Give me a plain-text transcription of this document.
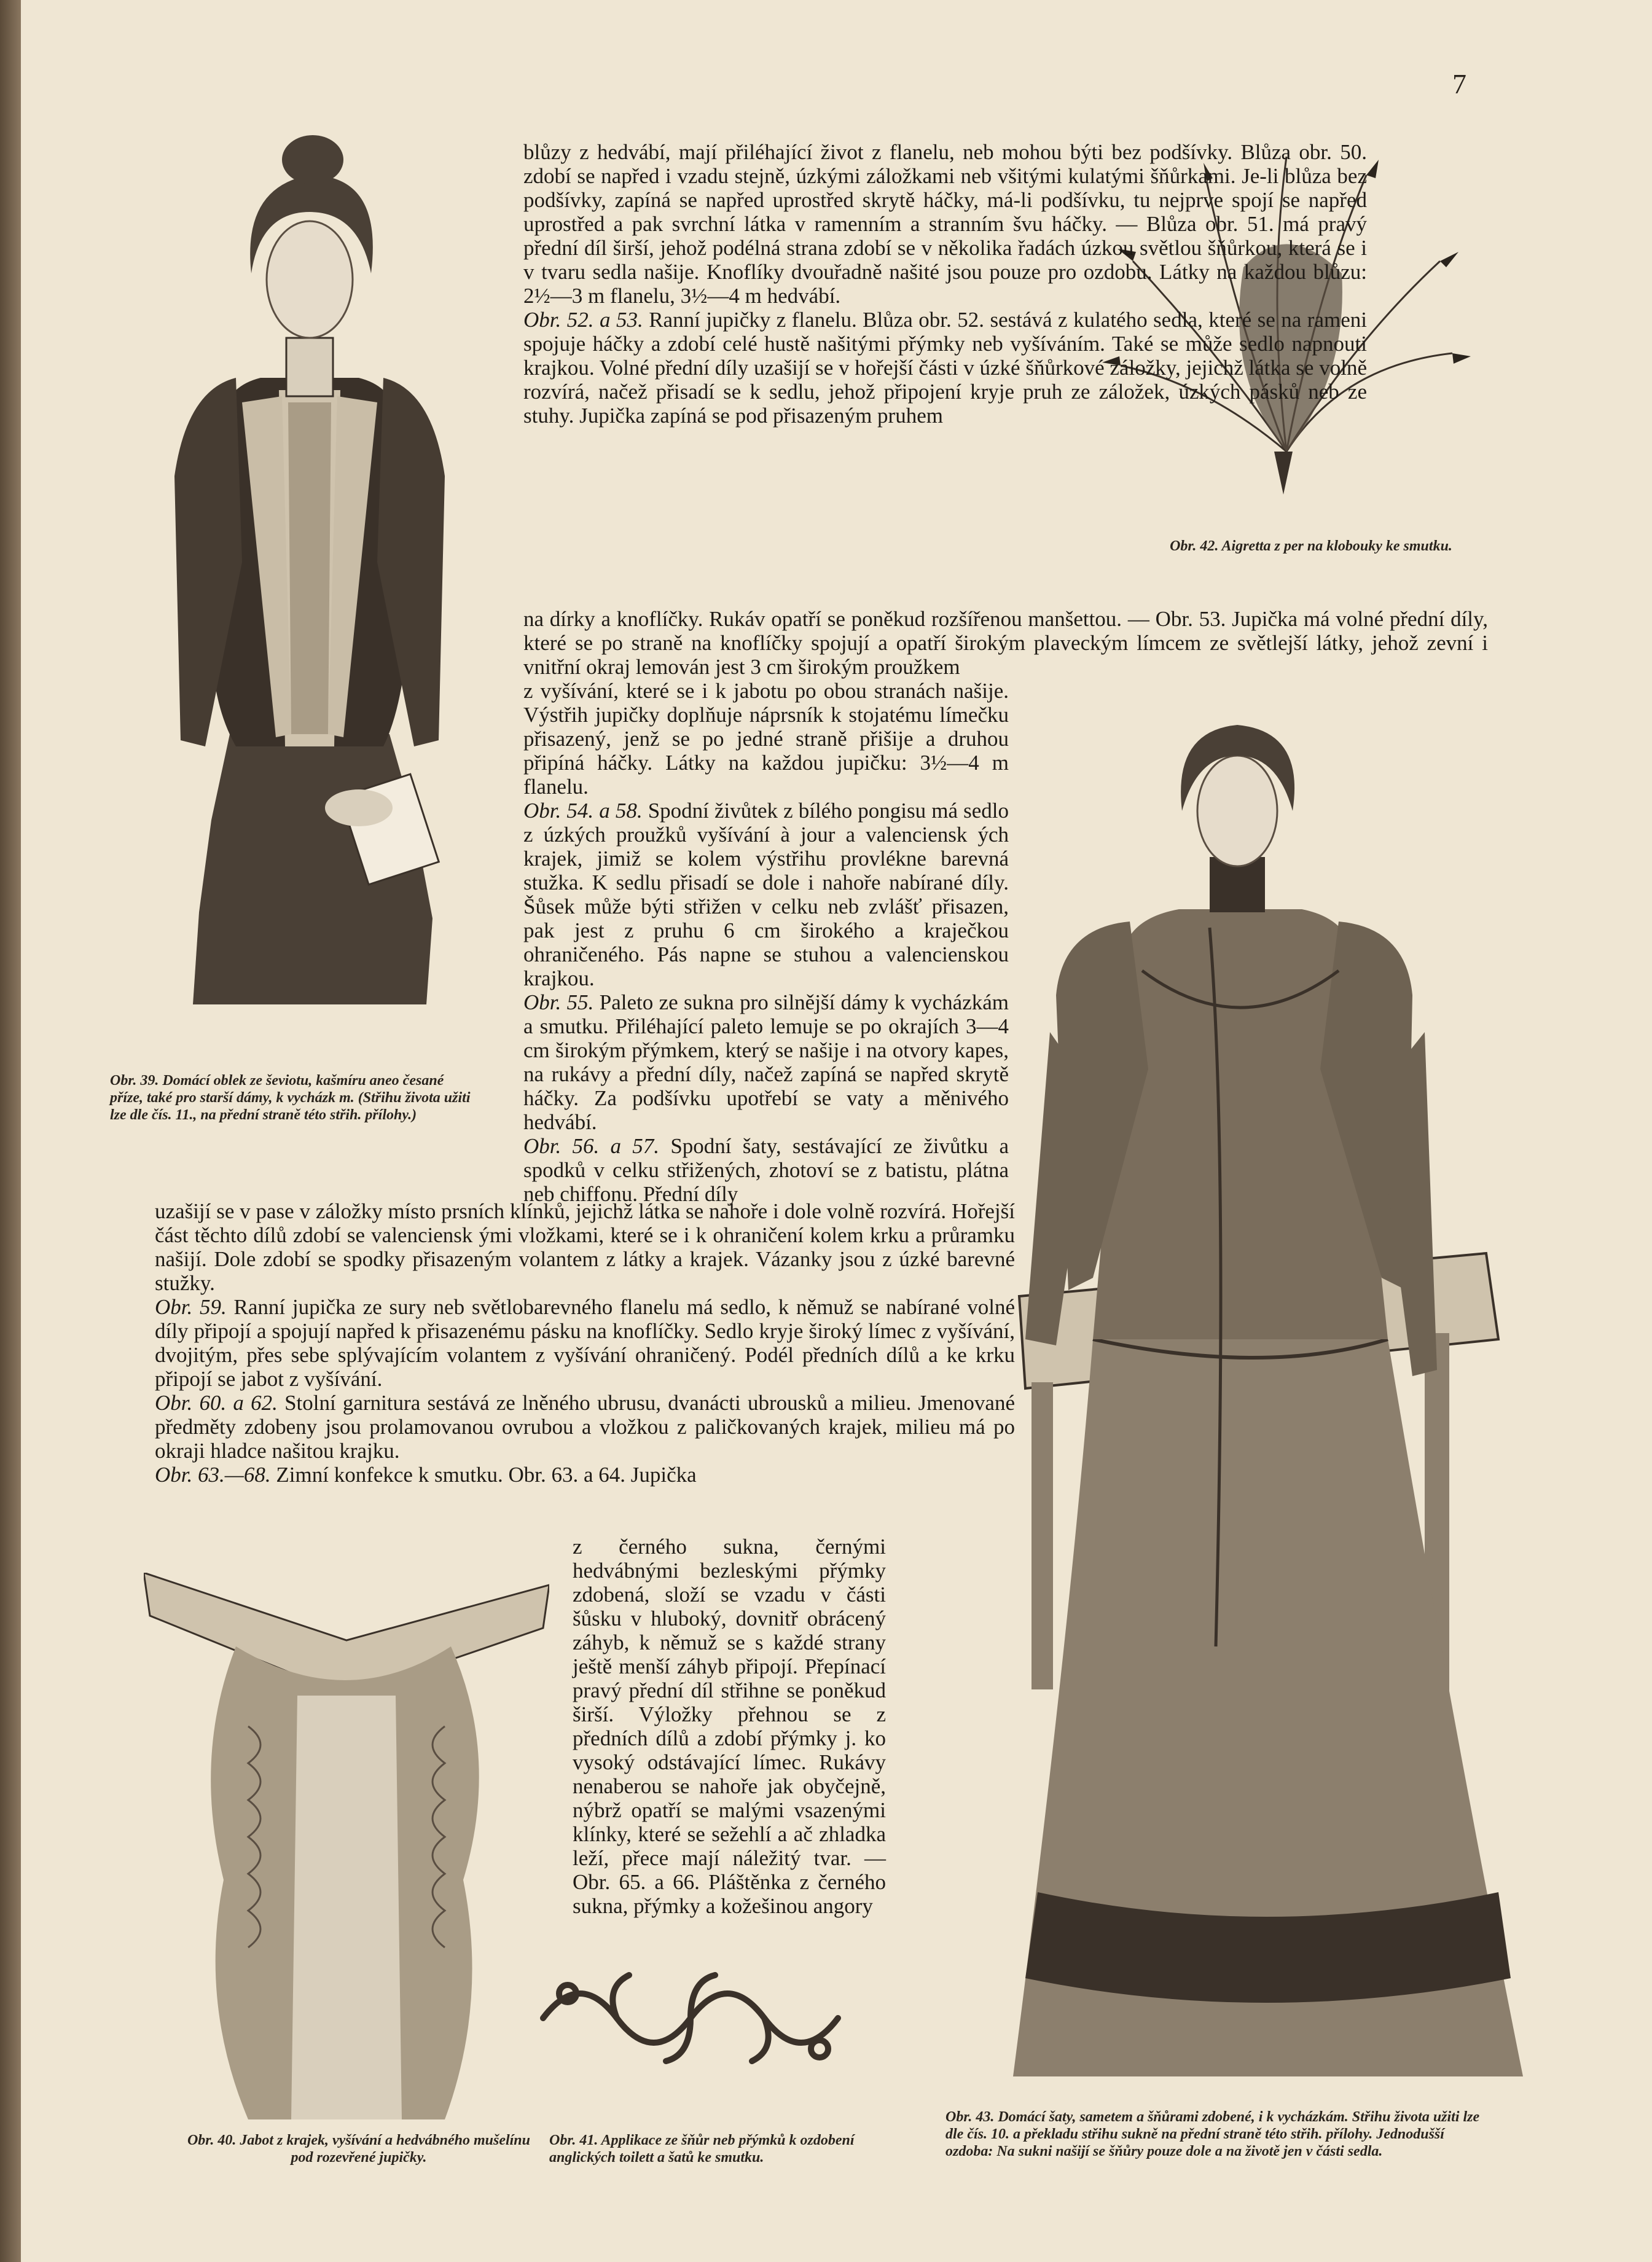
7
Obr. 39. Domácí oblek ze ševiotu, kašmíru aneo česané příze, také pro starší dámy, k vycházk m. (Střihu života užiti lze dle čís. 11., na přední straně této střih. přílohy.)
Obr. 42. Aigretta z per na klobouky ke smutku.

blůzy z hedvábí, mají přiléhající život z flanelu, neb mohou býti bez podšívky. Blůza obr. 50. zdobí se napřed i vzadu stejně, úzkými záložkami neb všitými kulatými šňůrkami. Je-li blůza bez podšívky, zapíná se napřed uprostřed skrytě háčky, má-li podšívku, tu nejprve spojí se napřed uprostřed a pak svrchní látka v ramenním a stranním švu háčky. — Blůza obr. 51. má pravý přední díl širší, jehož podélná strana zdobí se v několika řadách úzkou světlou šňůrkou, která se i v tvaru sedla našije. Knoflíky dvouřadně našité jsou pouze pro ozdobu. Látky na každou blůzu: 2½—3 m flanelu, 3½—4 m hedvábí.

Obr. 52. a 53. Ranní jupičky z flanelu. Blůza obr. 52. sestává z kulatého sedla, které se na rameni spojuje háčky a zdobí celé hustě našitými přýmky neb vyšíváním. Také se může sedlo napnouti krajkou. Volné přední díly uzašijí se v hořejší části v úzké šňůrkové záložky, jejichž látka se volně rozvírá, načež přisadí se k sedlu, jehož připojení kryje pruh ze záložek, úzkých pásků neb ze stuhy. Jupička zapíná se pod přisazeným pruhem

na dírky a knoflíčky. Rukáv opatří se poněkud rozšířenou manšettou. — Obr. 53. Jupička má volné přední díly, které se po straně na knoflíčky spojují a opatří širokým plaveckým límcem ze světlejší látky, jehož zevní i vnitřní okraj lemován jest 3 cm širokým proužkem

z vyšívání, které se i k jabotu po obou stranách našije. Výstřih jupičky doplňuje náprsník k stojatému límečku přisazený, jenž se po jedné straně přišije a druhou připíná háčky. Látky na každou jupičku: 3½—4 m flanelu.

Obr. 54. a 58. Spodní živůtek z bílého pongisu má sedlo z úzkých proužků vyšívání à jour a valenciensk ých krajek, jimiž se kolem výstřihu provlékne barevná stužka. K sedlu přisadí se dole i nahoře nabírané díly. Šůsek může býti střižen v celku neb zvlášť přisazen, pak jest z pruhu 6 cm širokého a kraječkou ohraničeného. Pás napne se stuhou a valencienskou krajkou.

Obr. 55. Paleto ze sukna pro silnější dámy k vycházkám a smutku. Přiléhající paleto lemuje se po okrajích 3—4 cm širokým přýmkem, který se našije i na otvory kapes, na rukávy a přední díly, načež zapíná se napřed skrytě háčky. Za podšívku upotřebí se vaty a měnivého hedvábí.

Obr. 56. a 57. Spodní šaty, sestávající ze živůtku a spodků v celku střižených, zhotoví se z batistu, plátna neb chiffonu. Přední díly

Obr. 43. Domácí šaty, sametem a šňůrami zdobené, i k vycházkám. Střihu života užiti lze dle čís. 10. a překladu střihu sukně na přední straně této střih. přílohy. Jednodušší ozdoba: Na sukni našijí se šňůry pouze dole a na životě jen v části sedla.

uzašijí se v pase v záložky místo prsních klínků, jejichž látka se nahoře i dole volně rozvírá. Hořejší část těchto dílů zdobí se valenciensk ými vložkami, které se i k ohraničení kolem krku a průramku našijí. Dole zdobí se spodky přisazeným volantem z látky a krajek. Vázanky jsou z úzké barevné stužky.

Obr. 59. Ranní jupička ze sury neb světlobarevného flanelu má sedlo, k němuž se nabírané volné díly připojí a spojují napřed k přisazenému pásku na knoflíčky. Sedlo kryje široký límec z vyšívání, dvojitým, přes sebe splývajícím volantem z vyšívání ohraničený. Podél předních dílů a ke krku připojí se jabot z vyšívání.

Obr. 60. a 62. Stolní garnitura sestává ze lněného ubrusu, dvanácti ubrousků a milieu. Jmenované předměty zdobeny jsou prolamovanou ovrubou a vložkou z paličkovaných krajek, milieu má po okraji hladce našitou krajku.

Obr. 63.—68. Zimní konfekce k smutku. Obr. 63. a 64. Jupička

z černého sukna, černými hedvábnými bezleskými přýmky zdobená, složí se vzadu v části šůsku v hluboký, dovnitř obrácený záhyb, k němuž se s každé strany ještě menší záhyb připojí. Přepínací pravý přední díl střihne se poněkud širší. Výložky přehnou se z předních dílů a zdobí přýmky j. ko vysoký odstávající límec. Rukávy nenaberou se nahoře jak obyčejně, nýbrž opatří se malými vsazenými klínky, které se sežehlí a ač zhladka leží, přece mají náležitý tvar. — Obr. 65. a 66. Pláštěnka z černého sukna, přýmky a kožešinou angory
Obr. 40. Jabot z krajek, vyšívání a hedvábného mušelínu pod rozevřené jupičky.
Obr. 41. Applikace ze šňůr neb přýmků k ozdobení anglických toilett a šatů ke smutku.
